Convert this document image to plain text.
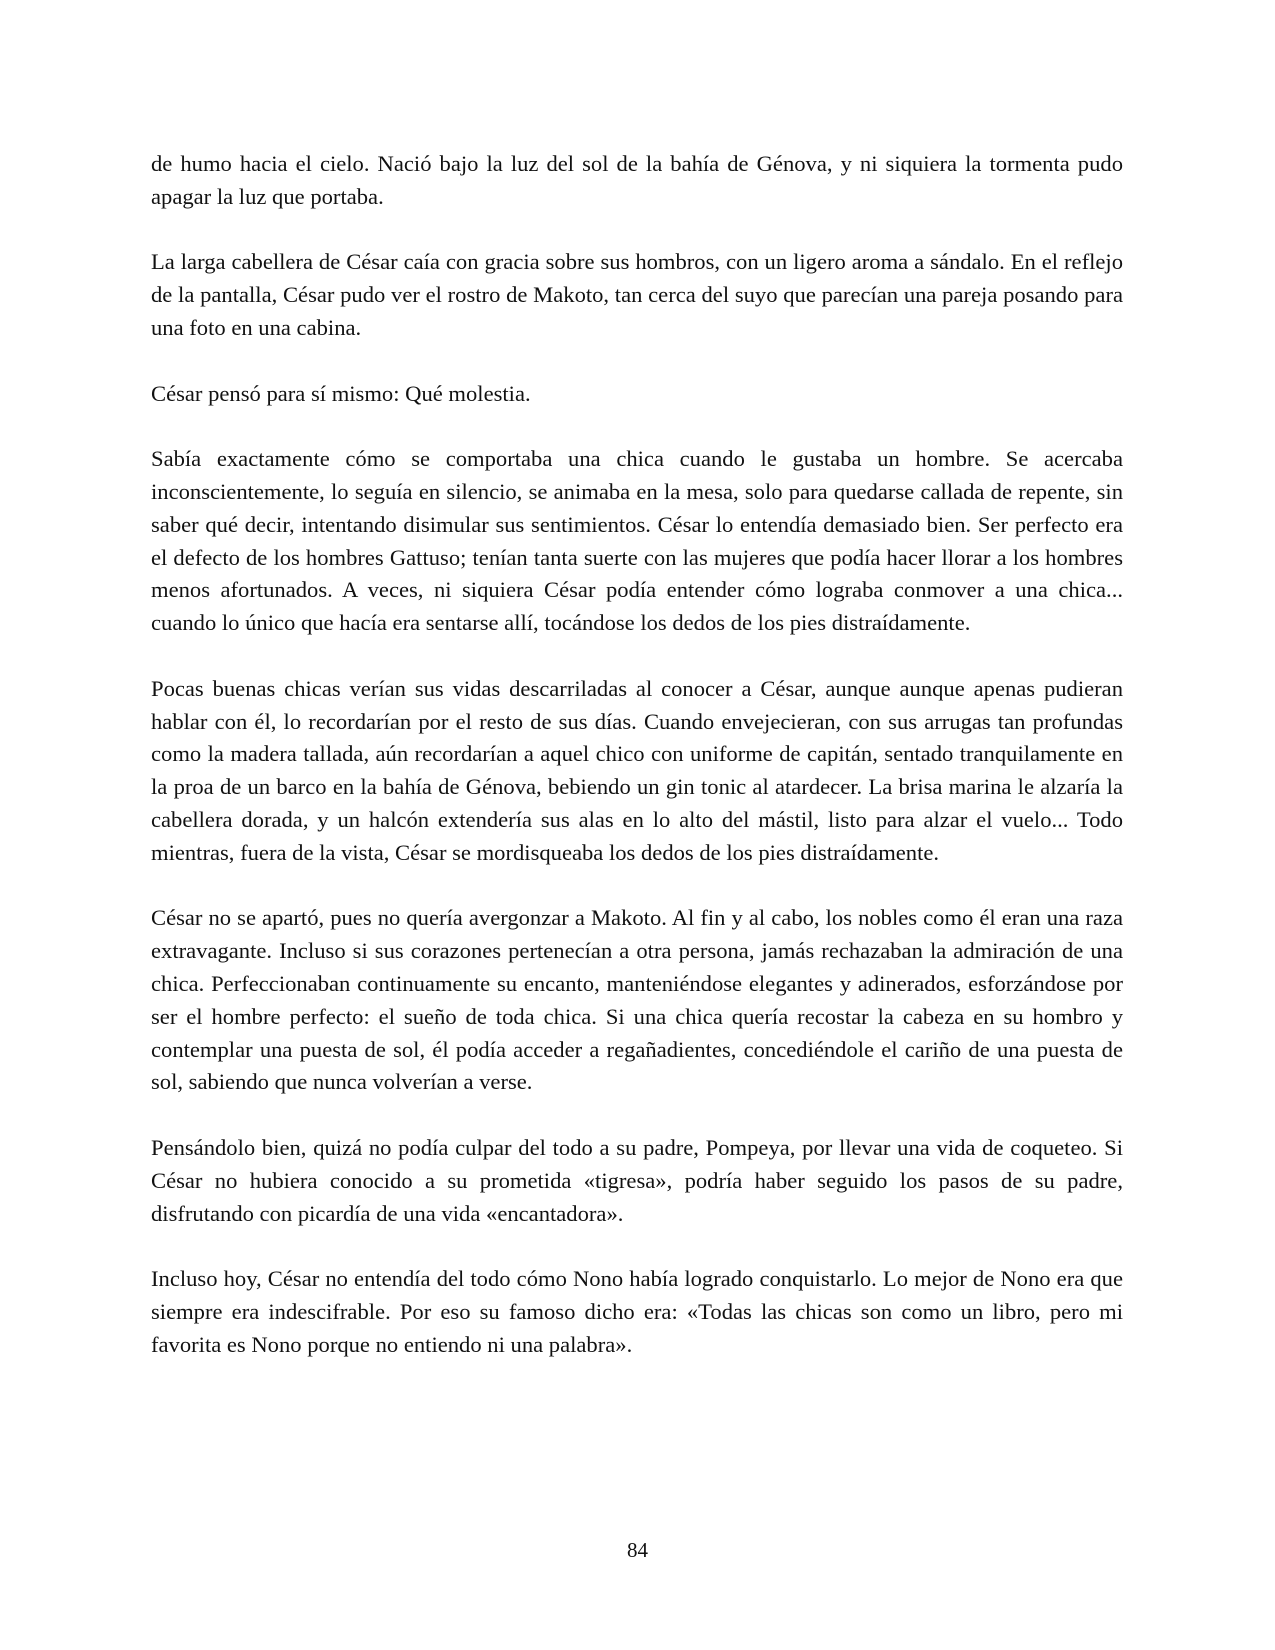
de humo hacia el cielo. Nació bajo la luz del sol de la bahía de Génova, y ni siquiera la tormenta pudo apagar la luz que portaba.

La larga cabellera de César caía con gracia sobre sus hombros, con un ligero aroma a sándalo. En el reflejo de la pantalla, César pudo ver el rostro de Makoto, tan cerca del suyo que parecían una pareja posando para una foto en una cabina.

César pensó para sí mismo: Qué molestia.

Sabía exactamente cómo se comportaba una chica cuando le gustaba un hombre. Se acercaba inconscientemente, lo seguía en silencio, se animaba en la mesa, solo para quedarse callada de repente, sin saber qué decir, intentando disimular sus sentimientos. César lo entendía demasiado bien. Ser perfecto era el defecto de los hombres Gattuso; tenían tanta suerte con las mujeres que podía hacer llorar a los hombres menos afortunados. A veces, ni siquiera César podía entender cómo lograba conmover a una chica... cuando lo único que hacía era sentarse allí, tocándose los dedos de los pies distraídamente.

Pocas buenas chicas verían sus vidas descarriladas al conocer a César, aunque aunque apenas pudieran hablar con él, lo recordarían por el resto de sus días. Cuando envejecieran, con sus arrugas tan profundas como la madera tallada, aún recordarían a aquel chico con uniforme de capitán, sentado tranquilamente en la proa de un barco en la bahía de Génova, bebiendo un gin tonic al atardecer. La brisa marina le alzaría la cabellera dorada, y un halcón extendería sus alas en lo alto del mástil, listo para alzar el vuelo... Todo mientras, fuera de la vista, César se mordisqueaba los dedos de los pies distraídamente.

César no se apartó, pues no quería avergonzar a Makoto. Al fin y al cabo, los nobles como él eran una raza extravagante. Incluso si sus corazones pertenecían a otra persona, jamás rechazaban la admiración de una chica. Perfeccionaban continuamente su encanto, manteniéndose elegantes y adinerados, esforzándose por ser el hombre perfecto: el sueño de toda chica. Si una chica quería recostar la cabeza en su hombro y contemplar una puesta de sol, él podía acceder a regañadientes, concediéndole el cariño de una puesta de sol, sabiendo que nunca volverían a verse.

Pensándolo bien, quizá no podía culpar del todo a su padre, Pompeya, por llevar una vida de coqueteo. Si César no hubiera conocido a su prometida «tigresa», podría haber seguido los pasos de su padre, disfrutando con picardía de una vida «encantadora».

Incluso hoy, César no entendía del todo cómo Nono había logrado conquistarlo. Lo mejor de Nono era que siempre era indescifrable. Por eso su famoso dicho era: «Todas las chicas son como un libro, pero mi favorita es Nono porque no entiendo ni una palabra».

84
